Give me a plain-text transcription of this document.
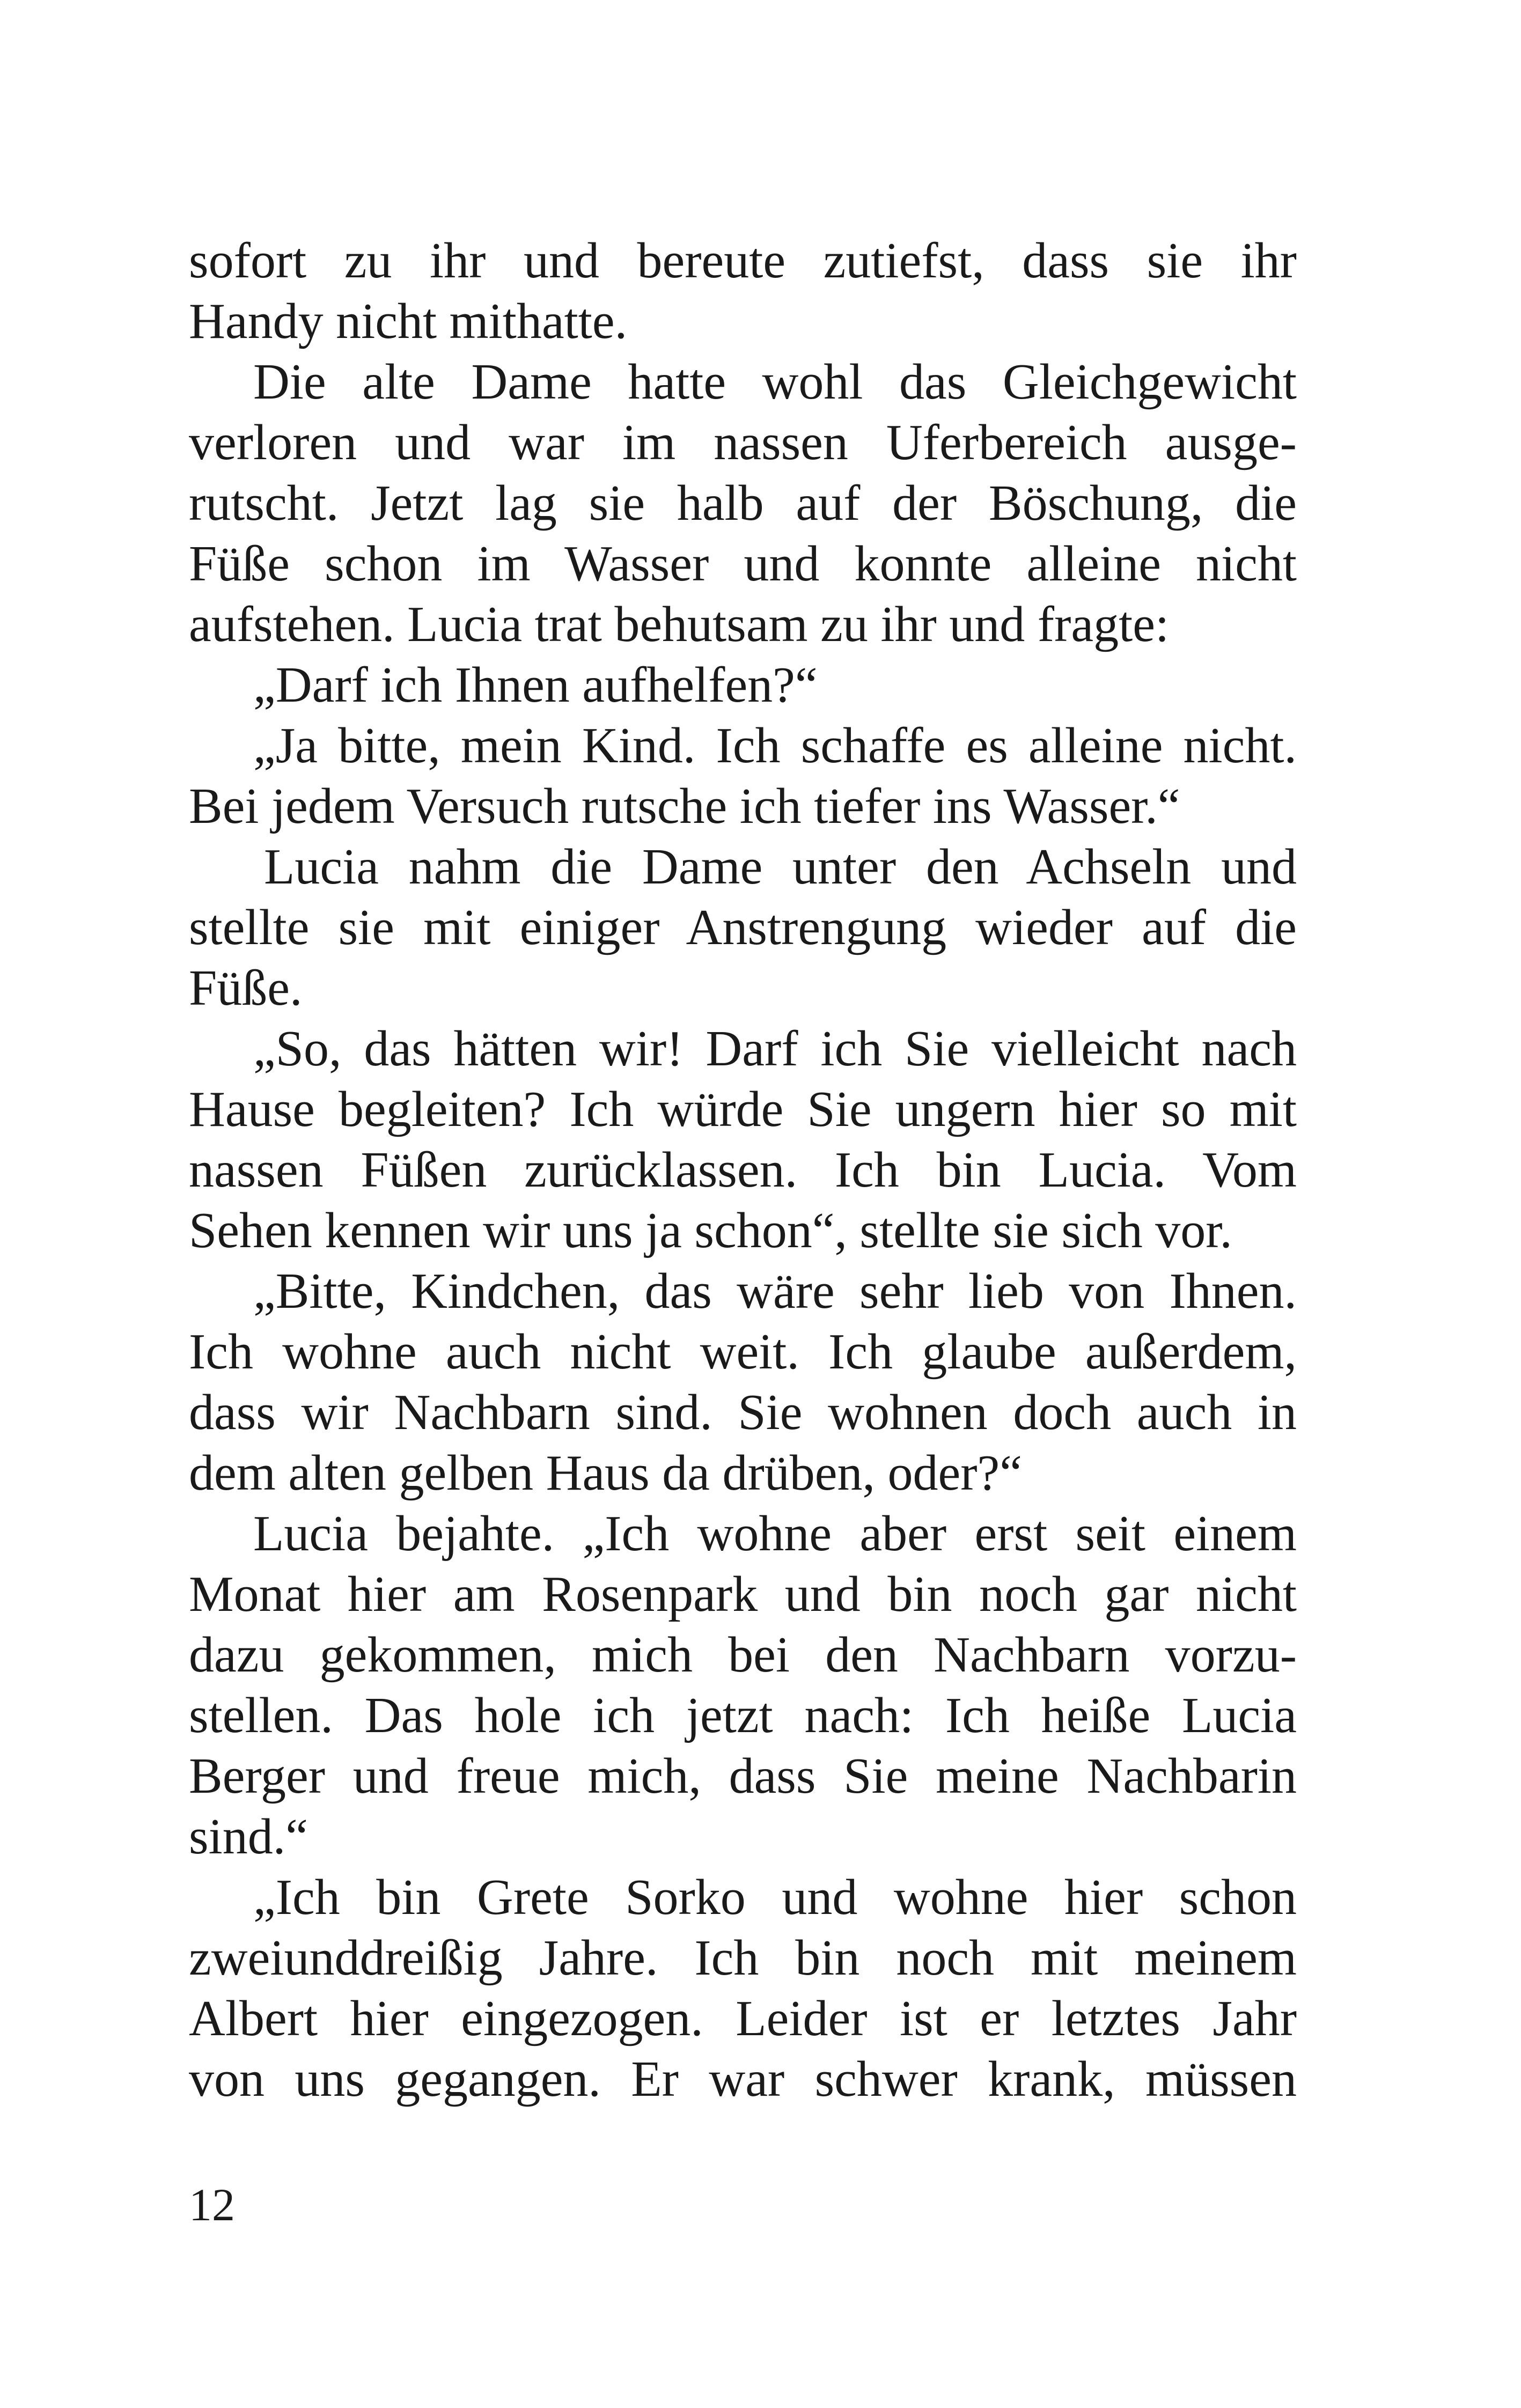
sofort zu ihr und bereute zutiefst, dass sie ihr
Handy nicht mithatte.
Die alte Dame hatte wohl das Gleichgewicht
verloren und war im nassen Uferbereich ausge-
rutscht. Jetzt lag sie halb auf der Böschung, die
Füße schon im Wasser und konnte alleine nicht
aufstehen. Lucia trat behutsam zu ihr und fragte:
„Darf ich Ihnen aufhelfen?“
„Ja bitte, mein Kind. Ich schaffe es alleine nicht.
Bei jedem Versuch rutsche ich tiefer ins Wasser.“
Lucia nahm die Dame unter den Achseln und
stellte sie mit einiger Anstrengung wieder auf die
Füße.
„So, das hätten wir! Darf ich Sie vielleicht nach
Hause begleiten? Ich würde Sie ungern hier so mit
nassen Füßen zurücklassen. Ich bin Lucia. Vom
Sehen kennen wir uns ja schon“, stellte sie sich vor.
„Bitte, Kindchen, das wäre sehr lieb von Ihnen.
Ich wohne auch nicht weit. Ich glaube außerdem,
dass wir Nachbarn sind. Sie wohnen doch auch in
dem alten gelben Haus da drüben, oder?“
Lucia bejahte. „Ich wohne aber erst seit einem
Monat hier am Rosenpark und bin noch gar nicht
dazu gekommen, mich bei den Nachbarn vorzu-
stellen. Das hole ich jetzt nach: Ich heiße Lucia
Berger und freue mich, dass Sie meine Nachbarin
sind.“
„Ich bin Grete Sorko und wohne hier schon
zweiunddreißig Jahre. Ich bin noch mit meinem
Albert hier eingezogen. Leider ist er letztes Jahr
von uns gegangen. Er war schwer krank, müssen
12
